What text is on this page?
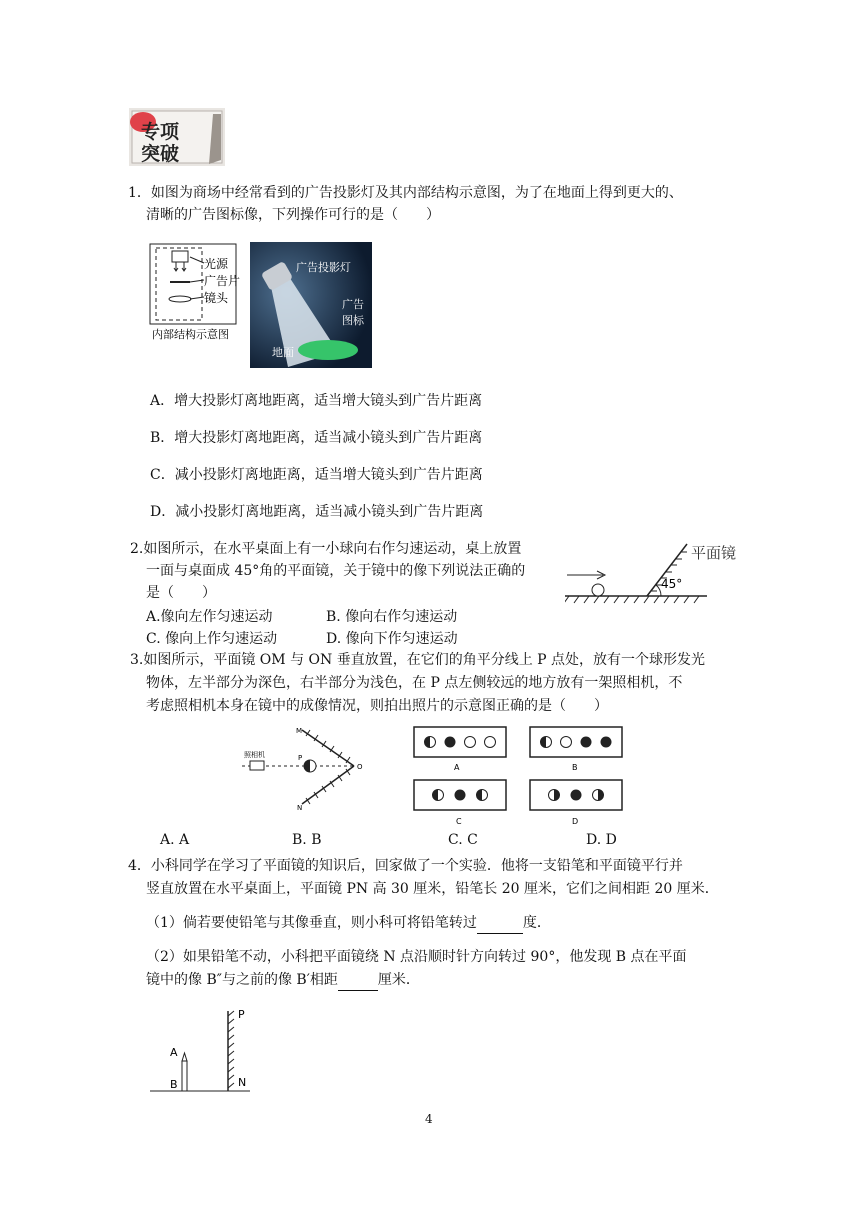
专项
突破
1．如图为商场中经常看到的广告投影灯及其内部结构示意图，为了在地面上得到更大的、
清晰的广告图标像，下列操作可行的是（　　）
光源
广告片
镜头
内部结构示意图
广告投影灯
广告
图标
地面
A．增大投影灯离地距离，适当增大镜头到广告片距离
B．增大投影灯离地距离，适当减小镜头到广告片距离
C．减小投影灯离地距离，适当增大镜头到广告片距离
D．减小投影灯离地距离，适当减小镜头到广告片距离
2.如图所示，在水平桌面上有一小球向右作匀速运动，桌上放置
一面与桌面成 45°角的平面镜，关于镜中的像下列说法正确的
是（　　）
A.像向左作匀速运动	B. 像向右作匀速运动
C. 像向上作匀速运动	D. 像向下作匀速运动
45°
平面镜
3.如图所示，平面镜 OM 与 ON 垂直放置，在它们的角平分线上 P 点处，放有一个球形发光
物体，左半部分为深色，右半部分为浅色，在 P 点左侧较远的地方放有一架照相机，不
考虑照相机本身在镜中的成像情况，则拍出照片的示意图正确的是（　　）
照相机
M
P
O
N
A	B
C	D
A. A	B. B	C. C	D. D
4．小科同学在学习了平面镜的知识后，回家做了一个实验．他将一支铅笔和平面镜平行并
竖直放置在水平桌面上，平面镜 PN 高 30 厘米，铅笔长 20 厘米，它们之间相距 20 厘米．
（1）倘若要使铅笔与其像垂直，则小科可将铅笔转过	度．
（2）如果铅笔不动，小科把平面镜绕 N 点沿顺时针方向转过 90°，他发现 B 点在平面
镜中的像 B″与之前的像 B′相距	厘米．
P
N
A
B
4
